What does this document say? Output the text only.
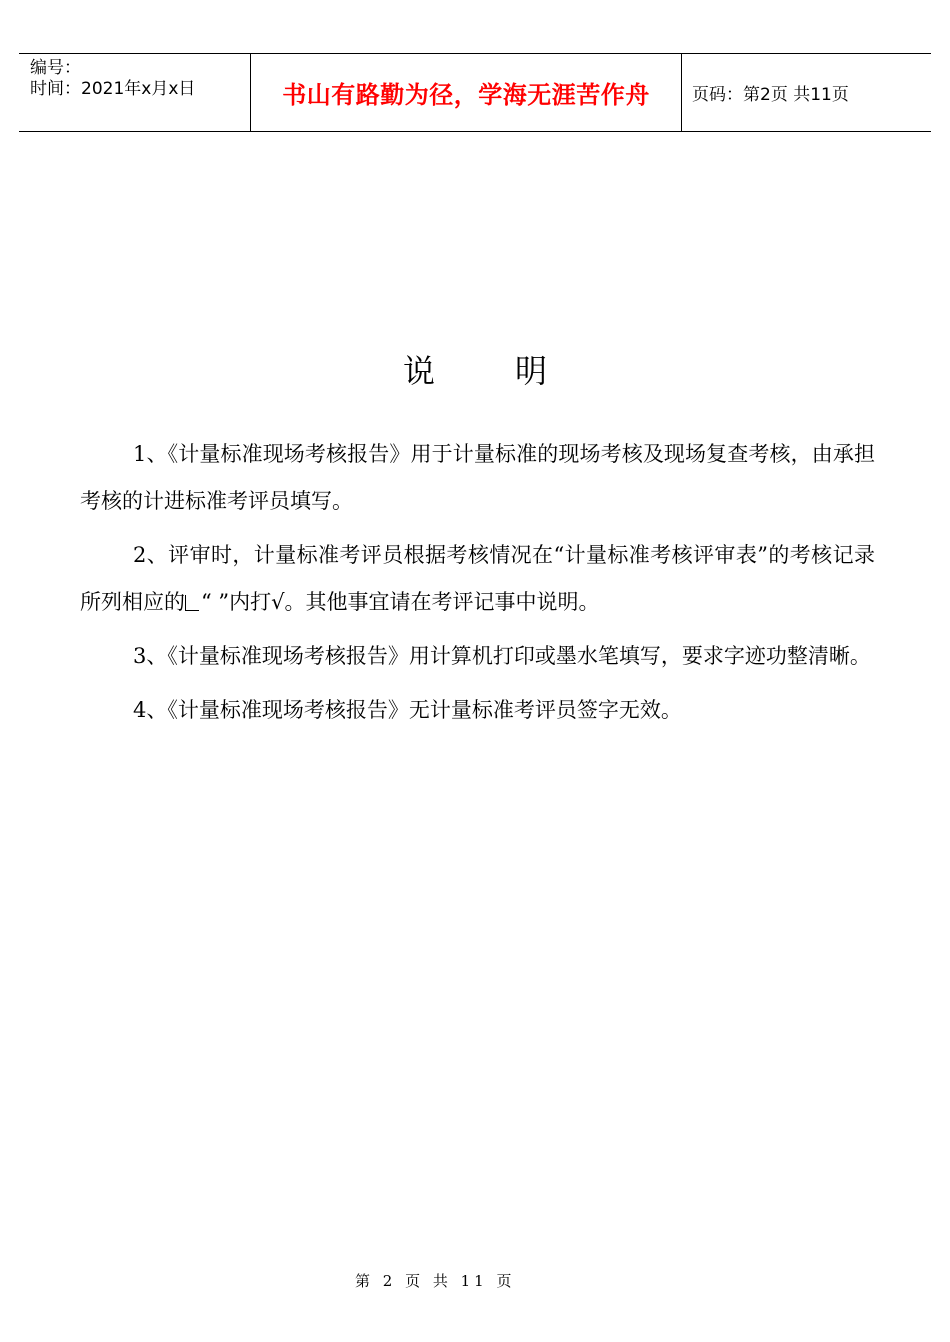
编号：
时间：2021年x月x日	书山有路勤为径，学海无涯苦作舟 页码：第2页 共11页
说明

1、《计量标准现场考核报告》用于计量标准的现场考核及现场复查考核，由承担考核的计进标准考评员填写。

2、评审时，计量标准考评员根据考核情况在“计量标准考核评审表”的考核记录所列相应的 “ ”内打√。其他事宜请在考评记事中说明。

3、《计量标准现场考核报告》用计算机打印或墨水笔填写，要求字迹功整清晰。

4、《计量标准现场考核报告》无计量标准考评员签字无效。

第 2 页 共 11 页
